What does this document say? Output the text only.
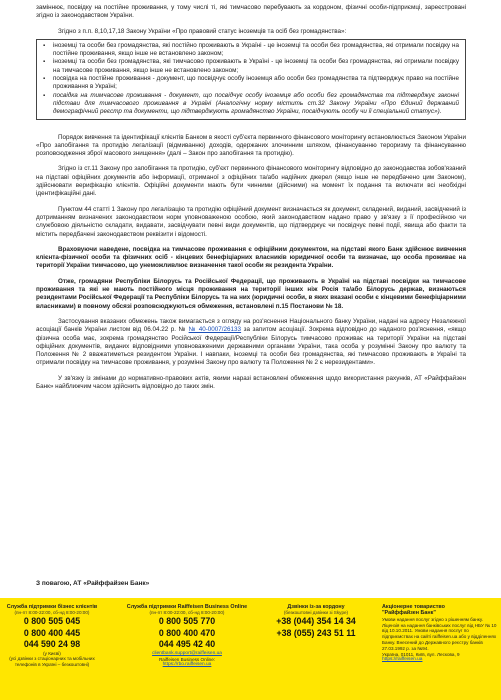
заміннює, посвідку на постійне проживання, у тому числі ті, які тимчасово перебувають за кордоном, фізичні особи-підприємці, зареєстровані згідно із законодавством України.

Згідно з п.п. 8,10,17,18 Закону України «Про правовий статус іноземців та осіб без громадянства»:

▪ іноземці та особи без громадянства, які постійно проживають в Україні - це іноземці та особи без громадянства, які отримали посвідку на постійне проживання, якщо інше не встановлено законом;
▪ іноземці та особи без громадянства, які тимчасово проживають в Україні - це іноземці та особи без громадянства, які отримали посвідку на тимчасове проживання, якщо інше не встановлено законом;
▪ посвідка на постійне проживання - документ, що посвідчує особу іноземця або особи без громадянства та підтверджує право на постійне проживання в Україні;
▪ посвідка на тимчасове проживання - документ, що посвідчує особу іноземця або особи без громадянства та підтверджує законні підстави для тимчасового проживання в Україні (Аналогічну норму містить ст.32 Закону України «Про Єдиний державний демографічний реєстр та документи, що підтверджують громадянство України, посвідчують особу чи її спеціальний статус»).

Порядок вивчення та ідентифікації клієнтів Банком в якості суб'єкта первинного фінансового моніторингу встановлюється Законом України «Про запобігання та протидію легалізації (відмиванню) доходів, одержаних злочинним шляхом, фінансуванню тероризму та фінансуванню розповсюдження зброї масового знищення» (далі – Закон про запобігання та протидію).

Згідно із ст.11 Закону про запобігання та протидію, суб'єкт первинного фінансового моніторингу відповідно до законодавства зобов'язаний на підставі офіційних документів або інформації, отриманої з офіційних та/або надійних джерел (якщо інше не передбачено цим Законом), здійснювати верифікацію клієнтів. Офіційні документи мають бути чинними (дійсними) на момент їх подання та включати всі необхідні ідентифікаційні дані.

Пунктом 44 статті 1 Закону про легалізацію та протидію офіційний документ визначається як документ, складений, виданий, засвідчений із дотриманням визначених законодавством норм уповноваженою особою, який законодавством надано право у зв'язку з її професійною чи службовою діяльністю складати, видавати, засвідчувати певні види документів, що підтверджує чи посвідчує певні події, явища або факти та містить передбачені законодавством реквізити і відомості.

Враховуючи наведене, посвідка на тимчасове проживання є офіційним документом, на підставі якого Банк здійснює вивчення клієнта-фізичної особи та фізичних осіб - кінцевих бенефіціарних власників юридичної особи та визначає, що особа проживає на території України тимчасово, що унеможливлює визначення такої особи як резидента України.

Отже, громадяни Республіки Білорусь та Російської Федерації, що проживають в Україні на підставі посвідки на тимчасове проживання та які не мають постійного місця проживання на території інших ніж Росія та/або Білорусь держав, визнаються резидентами Російської Федерації та Республіки Білорусь та на них (юридичні особи, в яких вказані особи є кінцевими бенефіціарними власниками) в повному обсязі розповсюджуються обмеження, встановлені п.15 Постанови № 18.

Застосування вказаних обмежень також вимагається з огляду на роз'яснення Національного банку України, надані на адресу Незалежної асоціації банків України листом від 06.04.22 р. № № 40-0007/26133 за запитом асоціації. Зокрема відповідно до наданого роз'яснення, «якщо фізична особа має, зокрема громадянство Російської Федерації/Республіки Білорусь тимчасово проживає на території України на підставі офіційних документів, виданих відповідними уповноваженими державними органами України, така особа у розумінні Закону про валюту та Положення № 2 вважатиметься резидентом України. І навпаки, іноземці та особи без громадянства, які тимчасово проживають в Україні та отримали посвідку на тимчасове проживання, у розумінні Закону про валюту та Положення № 2 є нерезидентами».

У зв'язку із змінами до нормативно-правових актів, якими наразі встановлені обмеження щодо використання рахунків, АТ «Райффайзен Банк» найближчим часом здійснить відповідно до таких змін.

З повагою, АТ «Райффайзен Банк»
Служба підтримки бізнес клієнтів
(пн-пт 8:00-22:00, сб-нд 8:00-20:00)
0 800 505 045
0 800 400 445
044 590 24 98
(у Києві)
(усі дзвінки з стаціонарних та мобільних телефонів в Україні – безкоштовні)
Служба підтримки Raiffeisen Business Online
(пн-пт 8:00-22:00, сб-нд 8:00-20:00)
0 800 505 770
0 800 400 470
044 495 42 40
clientbank.support@raiffeisen.ua
Raiffeisen Business Online:
https://rbo.raiffeisen.ua
Дзвінки із-за кордону
(безкоштовні дзвінки зі Skype)
+38 (044) 354 14 34
+38 (055) 243 51 11
Акціонерне товариство
"Райффайзен Банк"
Умови надання послуг згідно з рішенням банку. Ліцензія на надання банківських послуг від НБУ № 10 від 10.10.2011. Умови надання послуг по підприємствах на сайті raiffeisen.ua або у відділеннях Банку. Внесений до Державного реєстру банків 27.03.1992 р. за №94.
Україна, 01011, Київ, вул. Лескова, 9
https://raiffeisen.ua
